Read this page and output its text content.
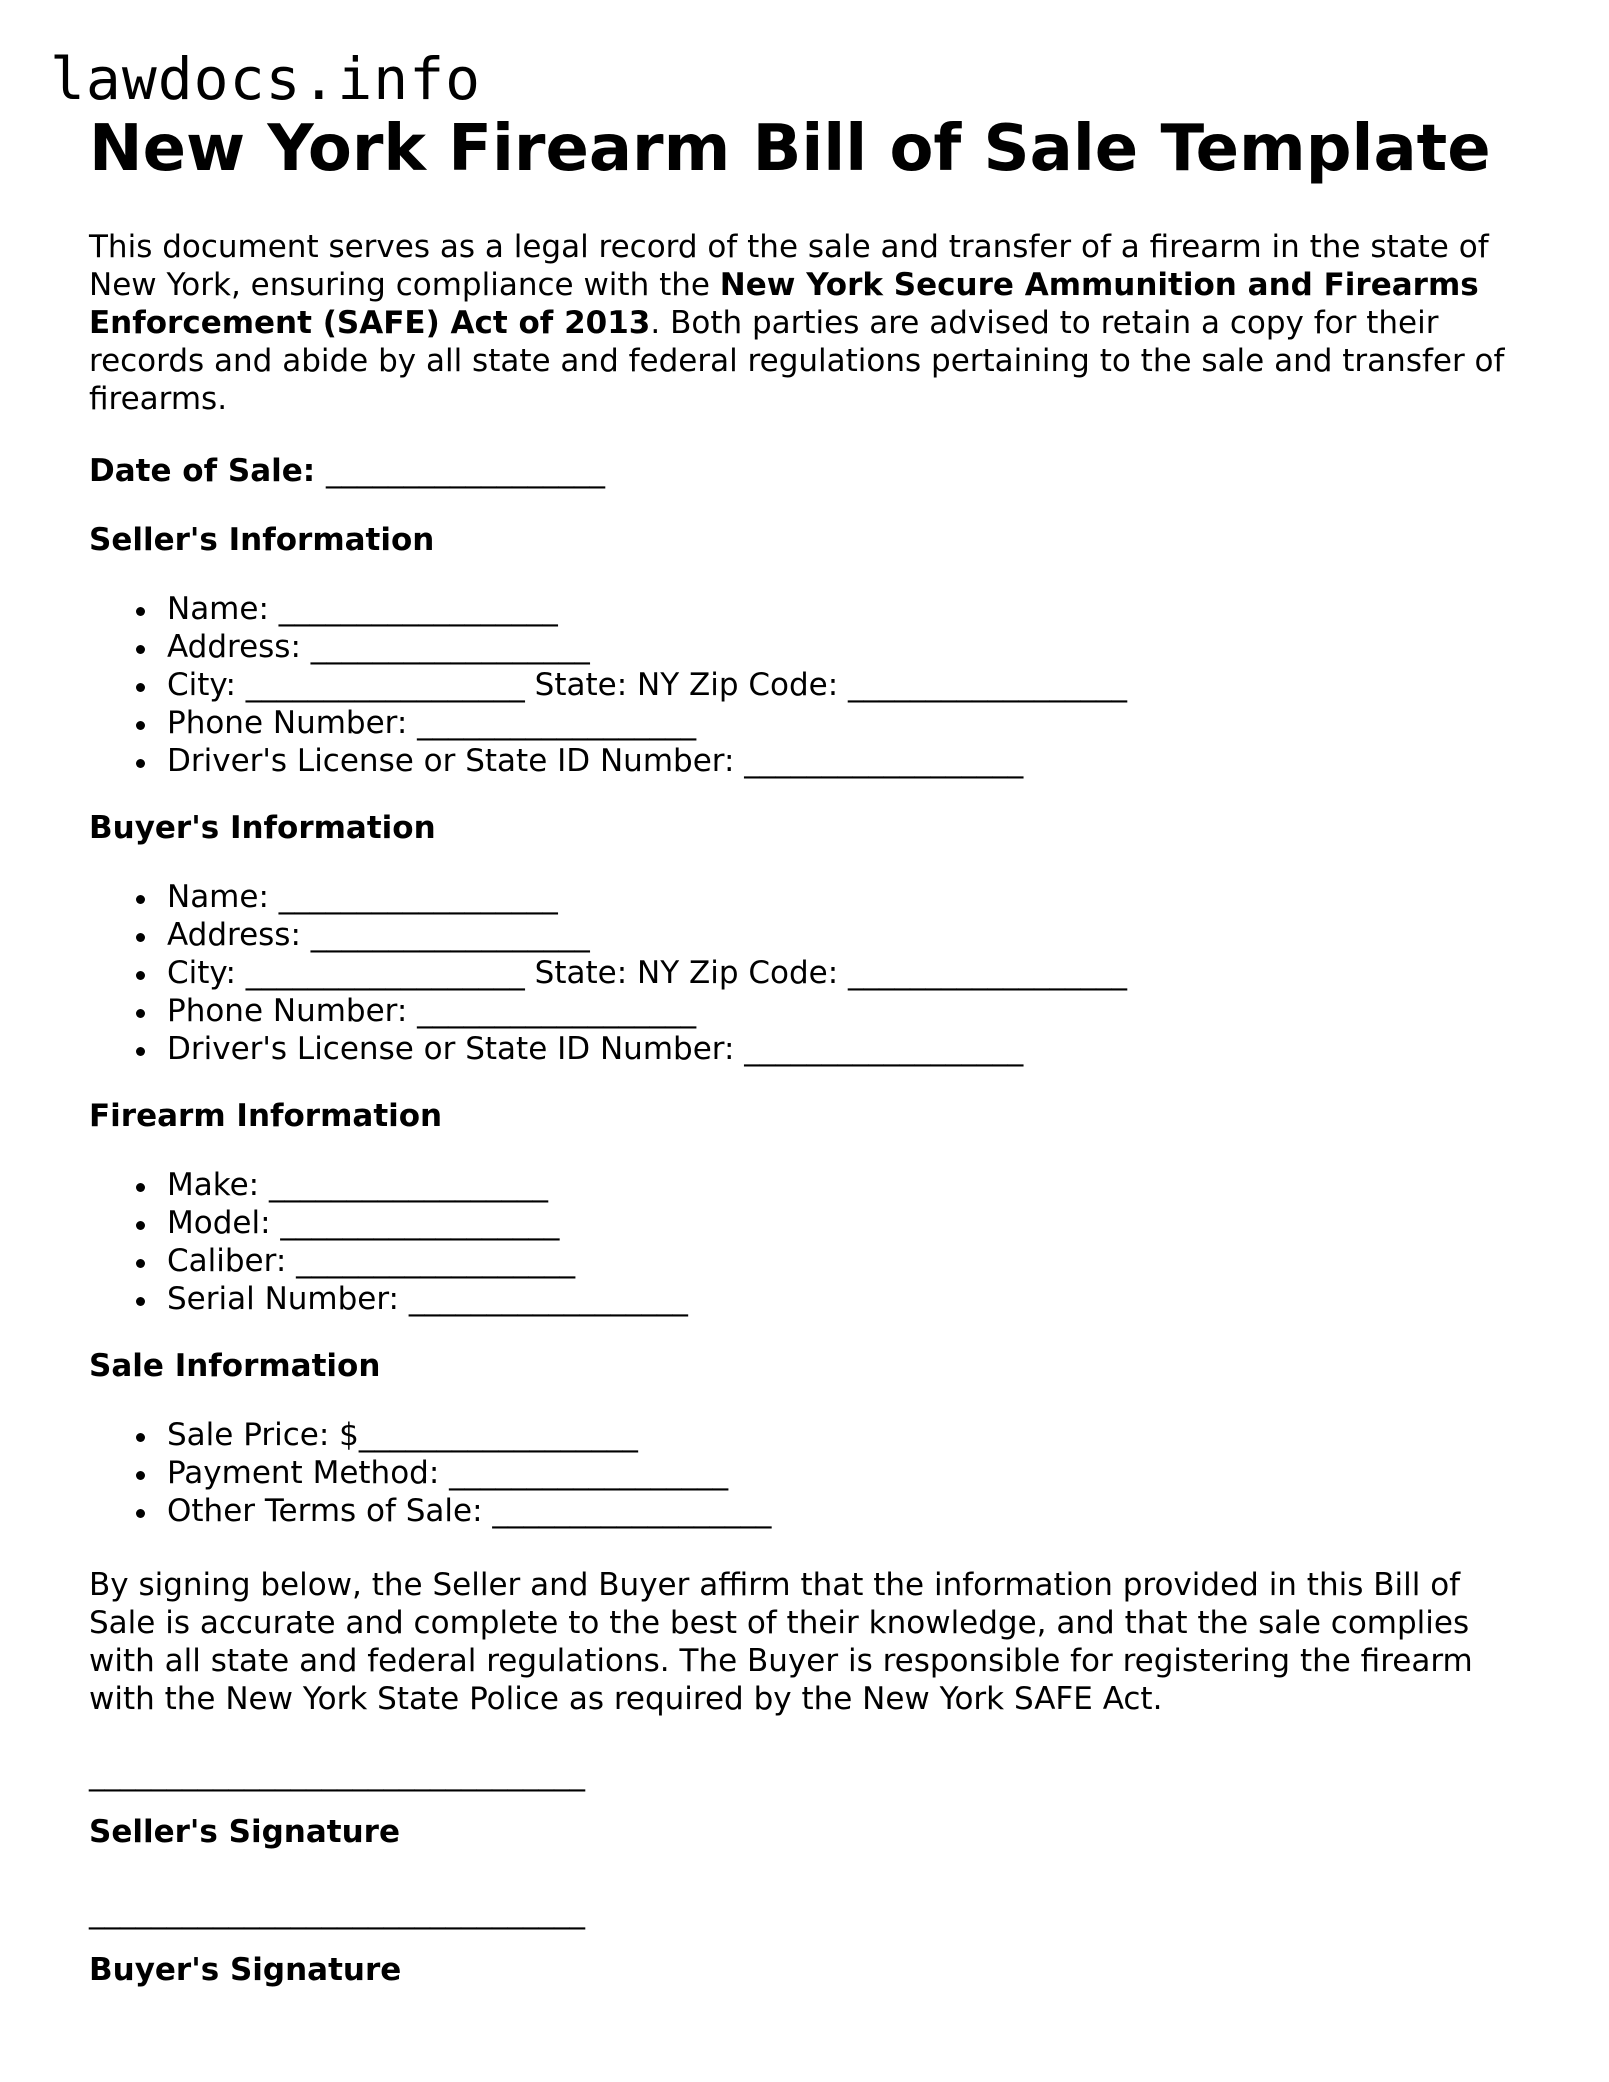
lawdocs.info
New York Firearm Bill of Sale Template

This document serves as a legal record of the sale and transfer of a firearm in the state of New York, ensuring compliance with the New York Secure Ammunition and Firearms Enforcement (SAFE) Act of 2013. Both parties are advised to retain a copy for their records and abide by all state and federal regulations pertaining to the sale and transfer of firearms.

Date of Sale: __________________

Seller's Information

Name: __________________
Address: __________________
City: __________________ State: NY Zip Code: __________________
Phone Number: __________________
Driver's License or State ID Number: __________________

Buyer's Information

Name: __________________
Address: __________________
City: __________________ State: NY Zip Code: __________________
Phone Number: __________________
Driver's License or State ID Number: __________________

Firearm Information

Make: __________________
Model: __________________
Caliber: __________________
Serial Number: __________________

Sale Information

Sale Price: $__________________
Payment Method: __________________
Other Terms of Sale: __________________

By signing below, the Seller and Buyer affirm that the information provided in this Bill of Sale is accurate and complete to the best of their knowledge, and that the sale complies with all state and federal regulations. The Buyer is responsible for registering the firearm with the New York State Police as required by the New York SAFE Act.

________________________________

Seller's Signature

________________________________

Buyer's Signature
